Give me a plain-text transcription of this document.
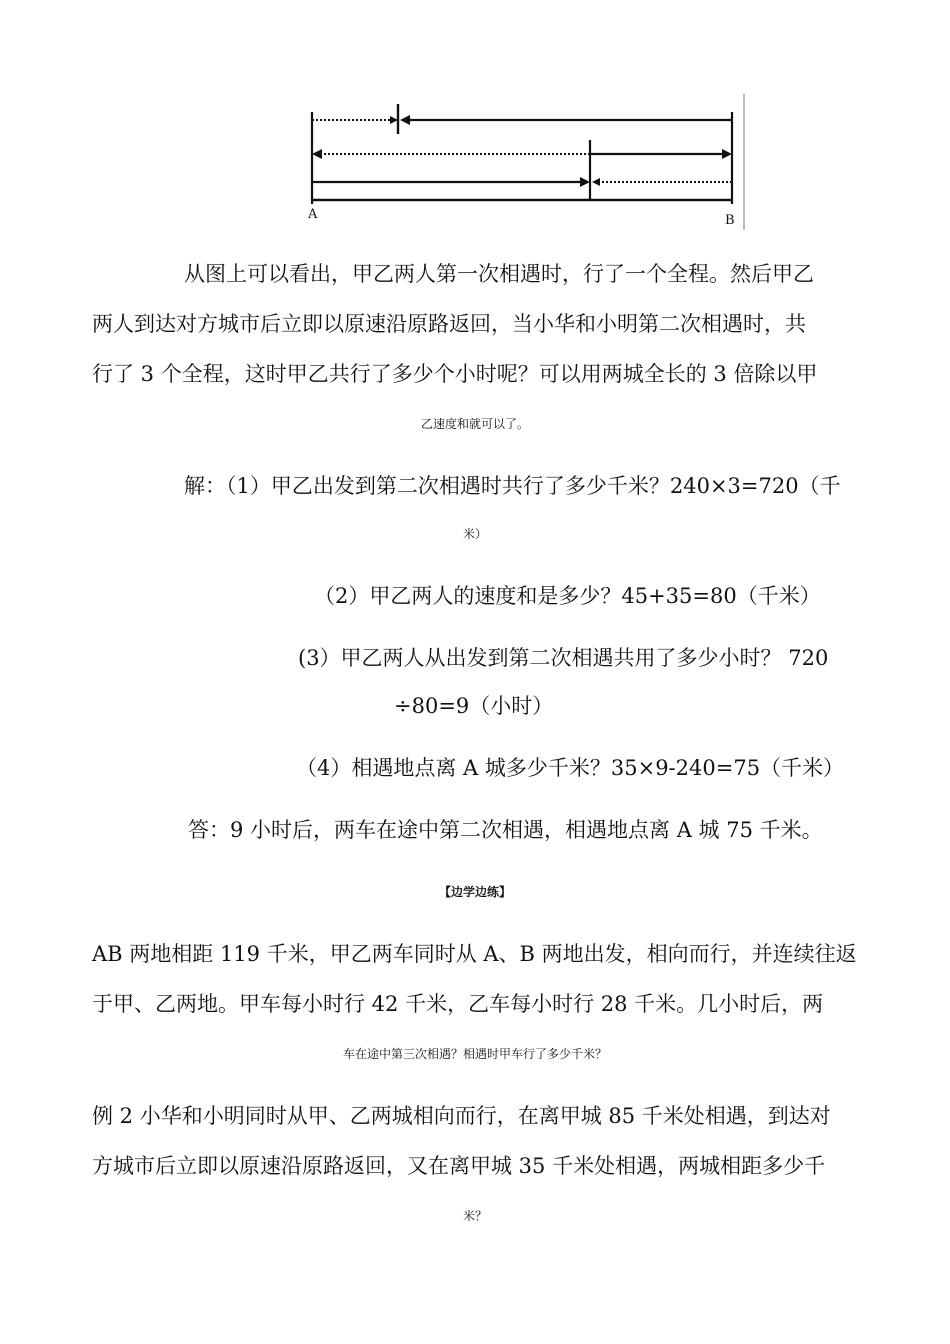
A	B
从图上可以看出，甲乙两人第一次相遇时，行了一个全程。然后甲乙
两人到达对方城市后立即以原速沿原路返回，当小华和小明第二次相遇时，共
行了 3 个全程，这时甲乙共行了多少个小时呢？可以用两城全长的 3 倍除以甲
乙速度和就可以了。
解：（1）甲乙出发到第二次相遇时共行了多少千米？240×3=720（千
米）
（2）甲乙两人的速度和是多少？45+35=80（千米）
(3）甲乙两人从出发到第二次相遇共用了多少小时？ 720
÷80=9（小时）
（4）相遇地点离 A 城多少千米？35×9-240=75（千米）
答：9 小时后，两车在途中第二次相遇，相遇地点离 A 城 75 千米。
【边学边练】
AB 两地相距 119 千米，甲乙两车同时从 A、B 两地出发，相向而行，并连续往返
于甲、乙两地。甲车每小时行 42 千米，乙车每小时行 28 千米。几小时后，两
车在途中第三次相遇？相遇时甲车行了多少千米？
例 2 小华和小明同时从甲、乙两城相向而行，在离甲城 85 千米处相遇，到达对
方城市后立即以原速沿原路返回，又在离甲城 35 千米处相遇，两城相距多少千
米？
